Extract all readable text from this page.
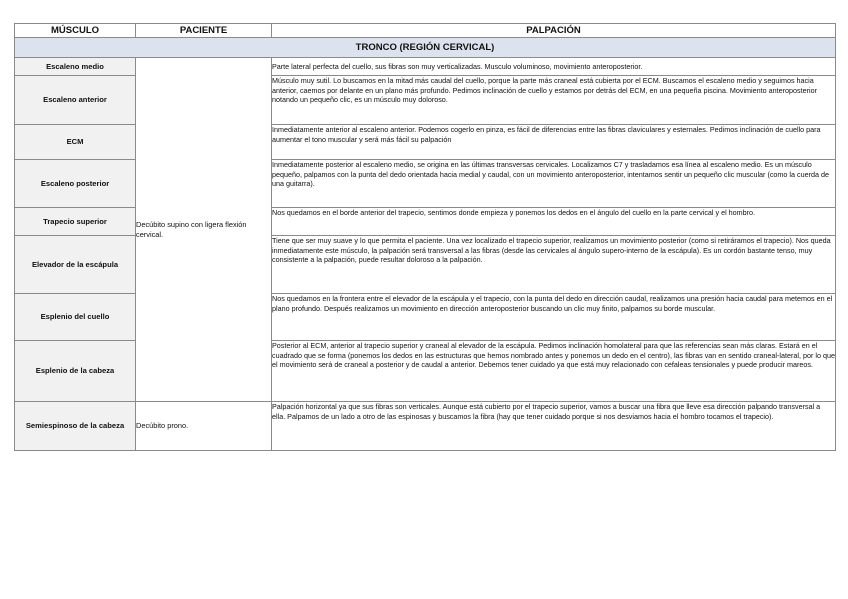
MÚSCULO	PACIENTE	PALPACIÓN
TRONCO (REGIÓN CERVICAL)		
Escaleno medio	Decúbito supino con ligera flexión cervical.	Parte lateral perfecta del cuello, sus fibras son muy verticalizadas. Musculo voluminoso, movimiento anteroposterior.
Escaleno anterior		Músculo muy sutil. Lo buscamos en la mitad más caudal del cuello, porque la parte más craneal está cubierta por el ECM. Buscamos el escaleno medio y seguimos hacia anterior, caemos por delante en un plano más profundo. Pedimos inclinación de cuello y estamos por detrás del ECM, en una pequeña piscina. Movimiento anteroposterior notando un pequeño clic, es un músculo muy doloroso.
ECM		Inmediatamente anterior al escaleno anterior. Podemos cogerlo en pinza, es fácil de diferencias entre las fibras claviculares y esternales. Pedimos inclinación de cuello para aumentar el tono muscular y será más fácil su palpación
Escaleno posterior		Inmediatamente posterior al escaleno medio, se origina en las últimas transversas cervicales. Localizamos C7 y trasladamos esa línea al escaleno medio. Es un músculo pequeño, palpamos con la punta del dedo orientada hacia medial y caudal, con un movimiento anteroposterior, intentamos sentir un pequeño clic muscular (como la cuerda de una guitarra).
Trapecio superior		Nos quedamos en el borde anterior del trapecio, sentimos donde empieza y ponemos los dedos en el ángulo del cuello en la parte cervical y el hombro.
Elevador de la escápula		Tiene que ser muy suave y lo que permita el paciente. Una vez localizado el trapecio superior, realizamos un movimiento posterior (como si retiráramos el trapecio). Nos queda inmediatamente este músculo, la palpación será transversal a las fibras (desde las cervicales al ángulo supero-interno de la escápula). Es un cordón bastante tenso, muy consistente a la palpación, puede resultar doloroso a la palpación.
Esplenio del cuello		Nos quedamos en la frontera entre el elevador de la escápula y el trapecio, con la punta del dedo en dirección caudal, realizamos una presión hacia caudal para metemos en el plano profundo. Después realizamos un movimiento en dirección anteroposterior buscando un clic muy finito, palpamos su borde muscular.
Esplenio de la cabeza		Posterior al ECM, anterior al trapecio superior y craneal al elevador de la escápula. Pedimos inclinación homolateral para que las referencias sean más claras. Estará en el cuadrado que se forma (ponemos los dedos en las estructuras que hemos nombrado antes y ponemos un dedo en el centro), las fibras van en sentido craneal-lateral, por lo que el movimiento será de craneal a posterior y de caudal a anterior. Debemos tener cuidado ya que está muy relacionado con cefaleas tensionales y puede producir mareos.
Semiespinoso de la cabeza	Decúbito prono.	Palpación horizontal ya que sus fibras son verticales. Aunque está cubierto por el trapecio superior, vamos a buscar una fibra que lleve esa dirección palpando transversal a ella. Palpamos de un lado a otro de las espinosas y buscamos la fibra (hay que tener cuidado porque si nos desviamos hacia el hombro tocamos el trapecio).
